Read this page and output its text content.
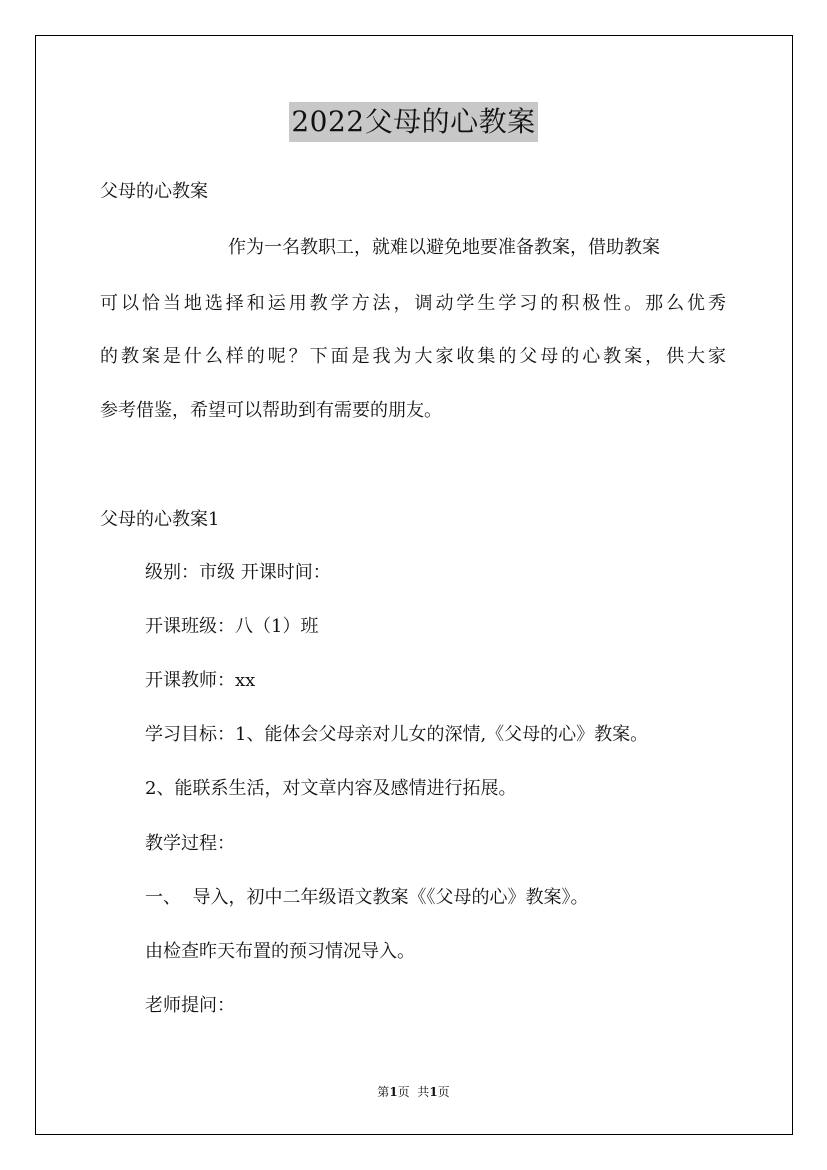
2022父母的心教案
父母的心教案
作为一名教职工，就难以避免地要准备教案，借助教案
可以恰当地选择和运用教学方法，调动学生学习的积极性。那么优秀
的教案是什么样的呢？下面是我为大家收集的父母的心教案，供大家
参考借鉴，希望可以帮助到有需要的朋友。
父母的心教案1
级别：市级 开课时间：
开课班级：八（1）班
开课教师：xx
学习目标：1、能体会父母亲对儿女的深情,《父母的心》教案。
2、能联系生活，对文章内容及感情进行拓展。
教学过程：
一、  导入，初中二年级语文教案《《父母的心》教案》。
由检查昨天布置的预习情况导入。
老师提问：
第1页  共1页
